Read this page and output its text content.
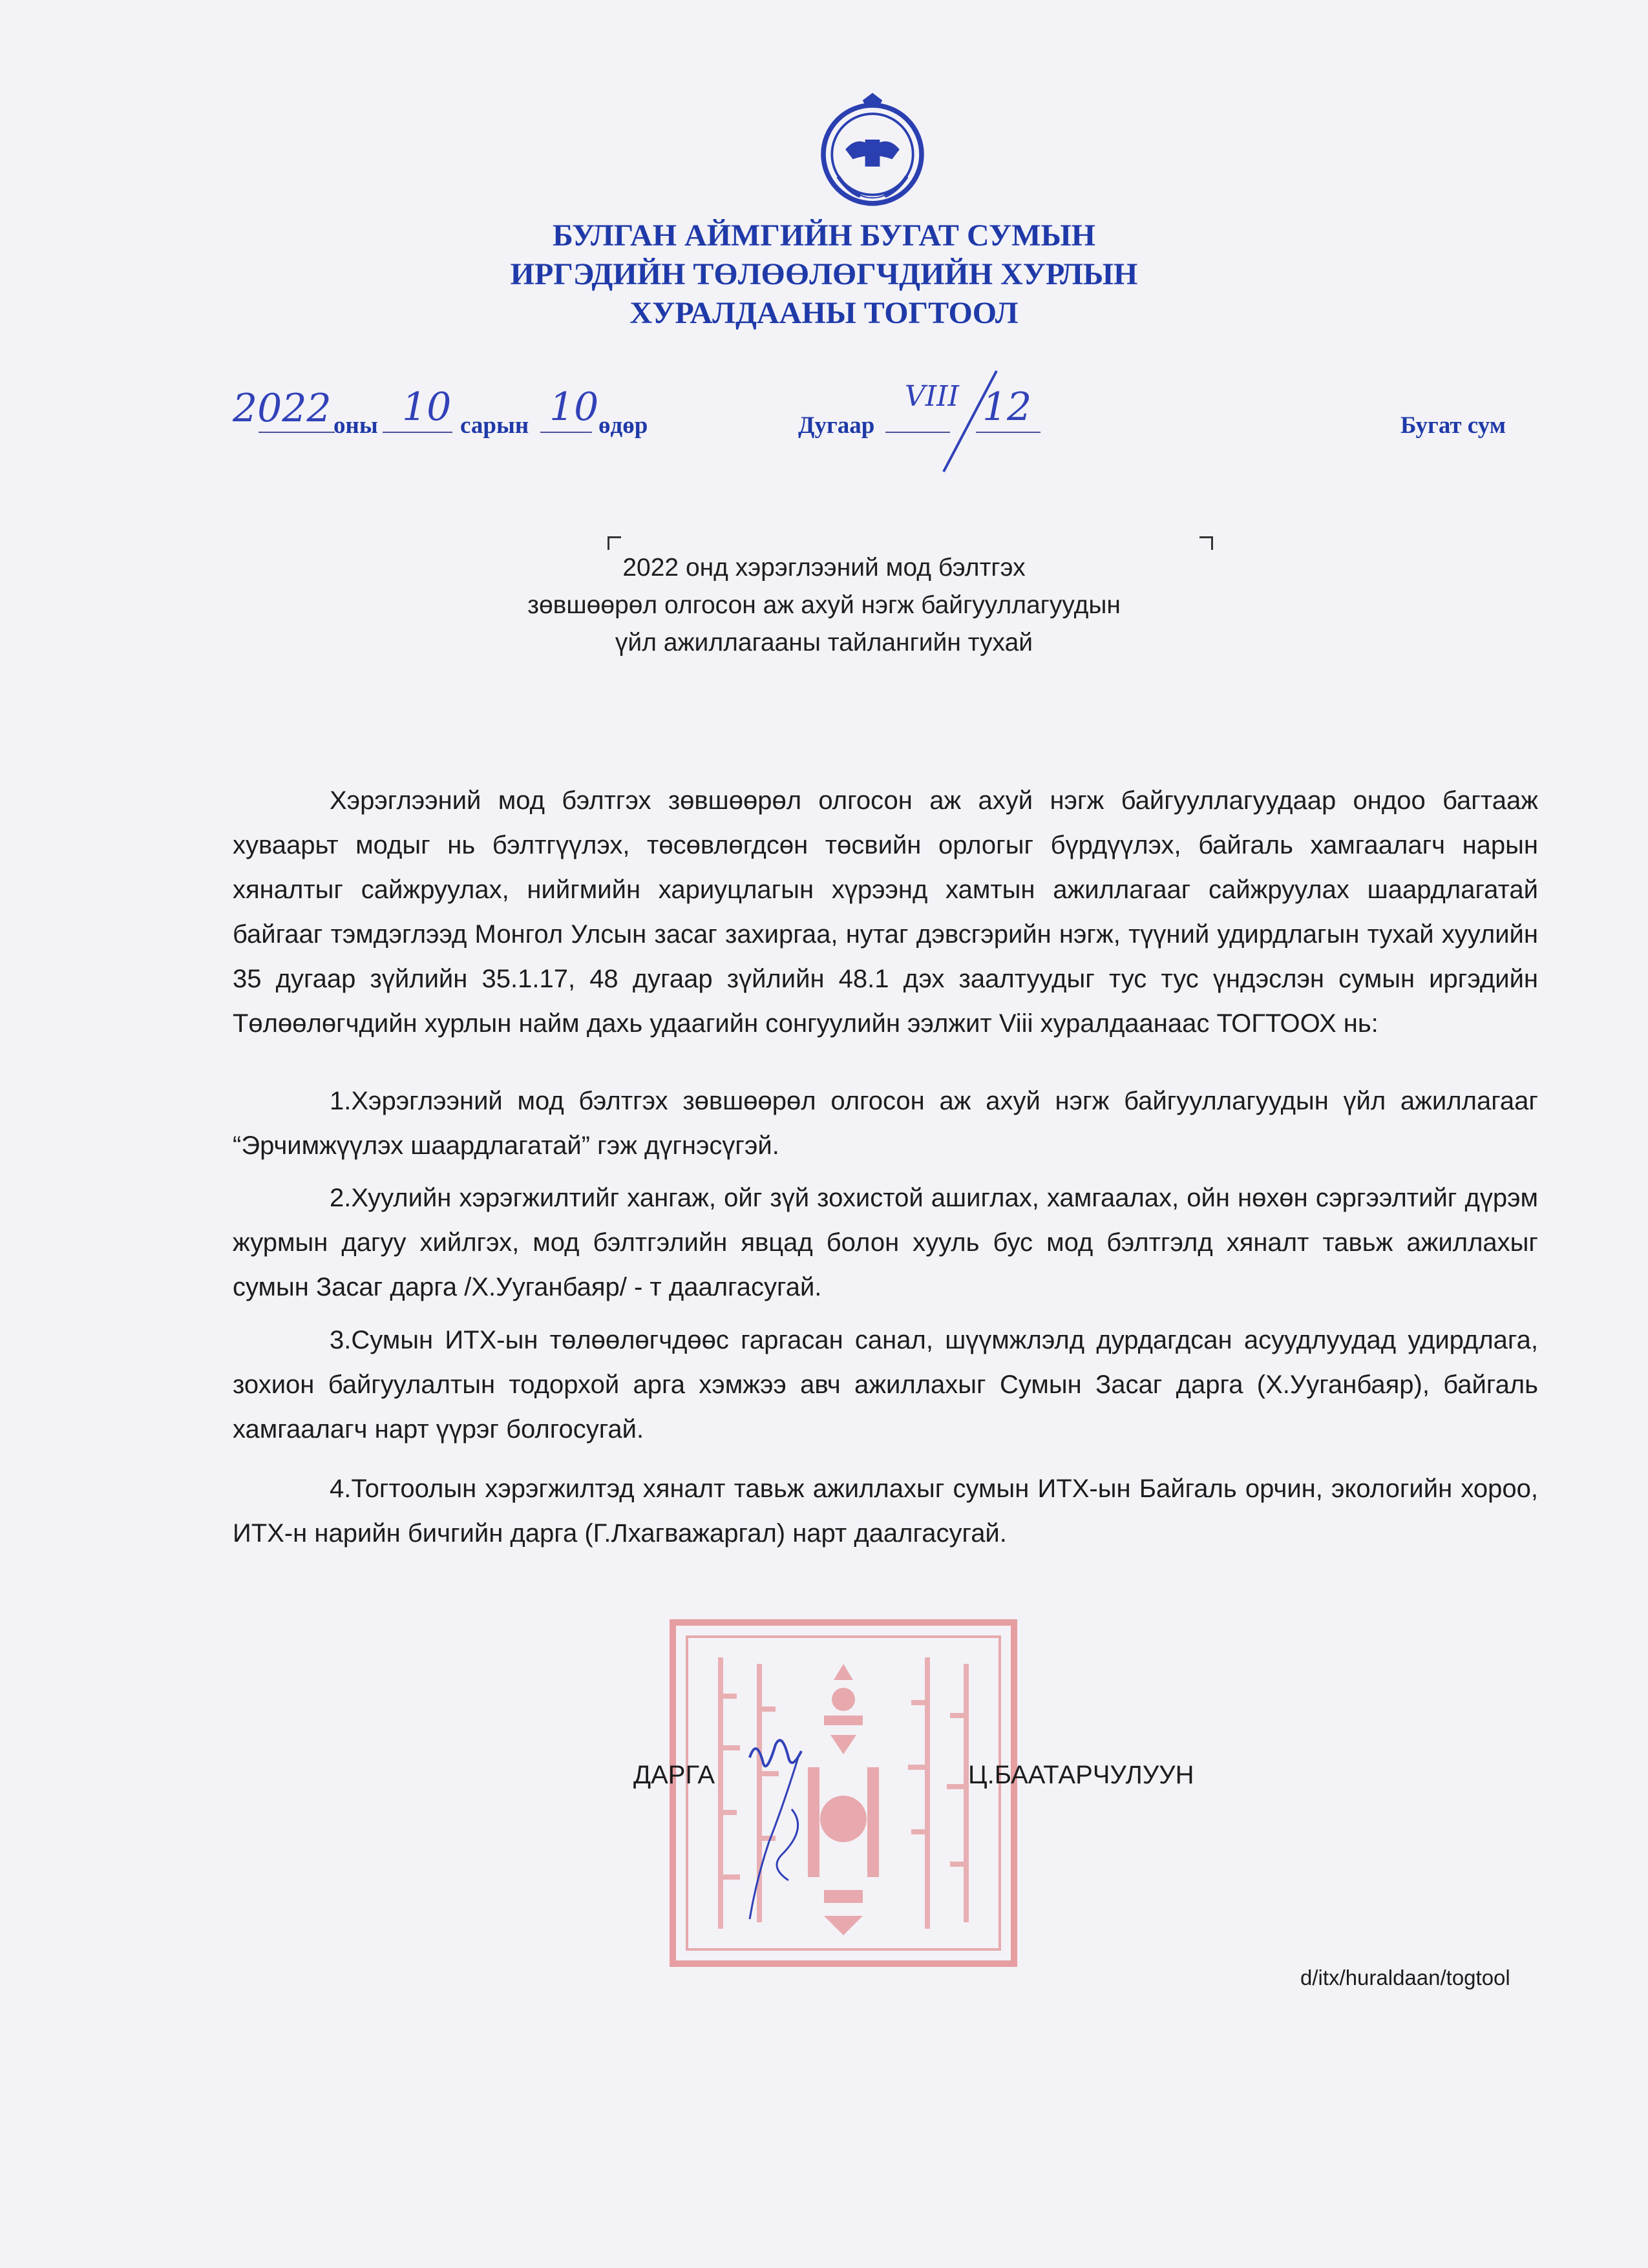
БУЛГАН АЙМГИЙН БУГАТ СУМЫН
ИРГЭДИЙН ТӨЛӨӨЛӨГЧДИЙН ХУРЛЫН
ХУРАЛДААНЫ ТОГТООЛ
2022 оны 10 сарын 10 өдөр	Дугаар
VIII 12	Бугат сум
2022 онд хэрэглээний мод бэлтгэх
зөвшөөрөл олгосон аж ахуй нэгж байгууллагуудын
үйл ажиллагааны тайлангийн тухай
Хэрэглээний мод бэлтгэх зөвшөөрөл олгосон аж ахуй нэгж байгууллагуудаар ондоо багтааж хуваарьт модыг нь бэлтгүүлэх, төсөвлөгдсөн төсвийн орлогыг бүрдүүлэх, байгаль хамгаалагч нарын хяналтыг сайжруулах, нийгмийн хариуцлагын хүрээнд хамтын ажиллагааг сайжруулах шаардлагатай байгааг тэмдэглээд Монгол Улсын засаг захиргаа, нутаг дэвсгэрийн нэгж, түүний удирдлагын тухай хуулийн 35 дугаар зүйлийн 35.1.17, 48 дугаар зүйлийн 48.1 дэх заалтуудыг тус тус үндэслэн сумын иргэдийн Төлөөлөгчдийн хурлын найм дахь удаагийн сонгуулийн ээлжит Viii хуралдаанаас ТОГТООХ нь:
1.Хэрэглээний мод бэлтгэх зөвшөөрөл олгосон аж ахуй нэгж байгууллагуудын үйл ажиллагааг “Эрчимжүүлэх шаардлагатай” гэж дүгнэсүгэй.
2.Хуулийн хэрэгжилтийг хангаж, ойг зүй зохистой ашиглах, хамгаалах, ойн нөхөн сэргээлтийг дүрэм журмын дагуу хийлгэх, мод бэлтгэлийн явцад болон хууль бус мод бэлтгэлд хяналт тавьж ажиллахыг сумын Засаг дарга /Х.Ууганбаяр/ - т даалгасугай.
3.Сумын ИТХ-ын төлөөлөгчдөөс гаргасан санал, шүүмжлэлд дурдагдсан асуудлуудад удирдлага, зохион байгуулалтын тодорхой арга хэмжээ авч ажиллахыг Сумын Засаг дарга (Х.Ууганбаяр), байгаль хамгаалагч нарт үүрэг болгосугай.
4.Тогтоолын хэрэгжилтэд хяналт тавьж ажиллахыг сумын ИТХ-ын Байгаль орчин, экологийн хороо, ИТХ-н нарийн бичгийн дарга (Г.Лхагважаргал) нарт даалгасугай.
ДАРГА	Ц.БААТАРЧУЛУУН
d/itx/huraldaan/togtool
